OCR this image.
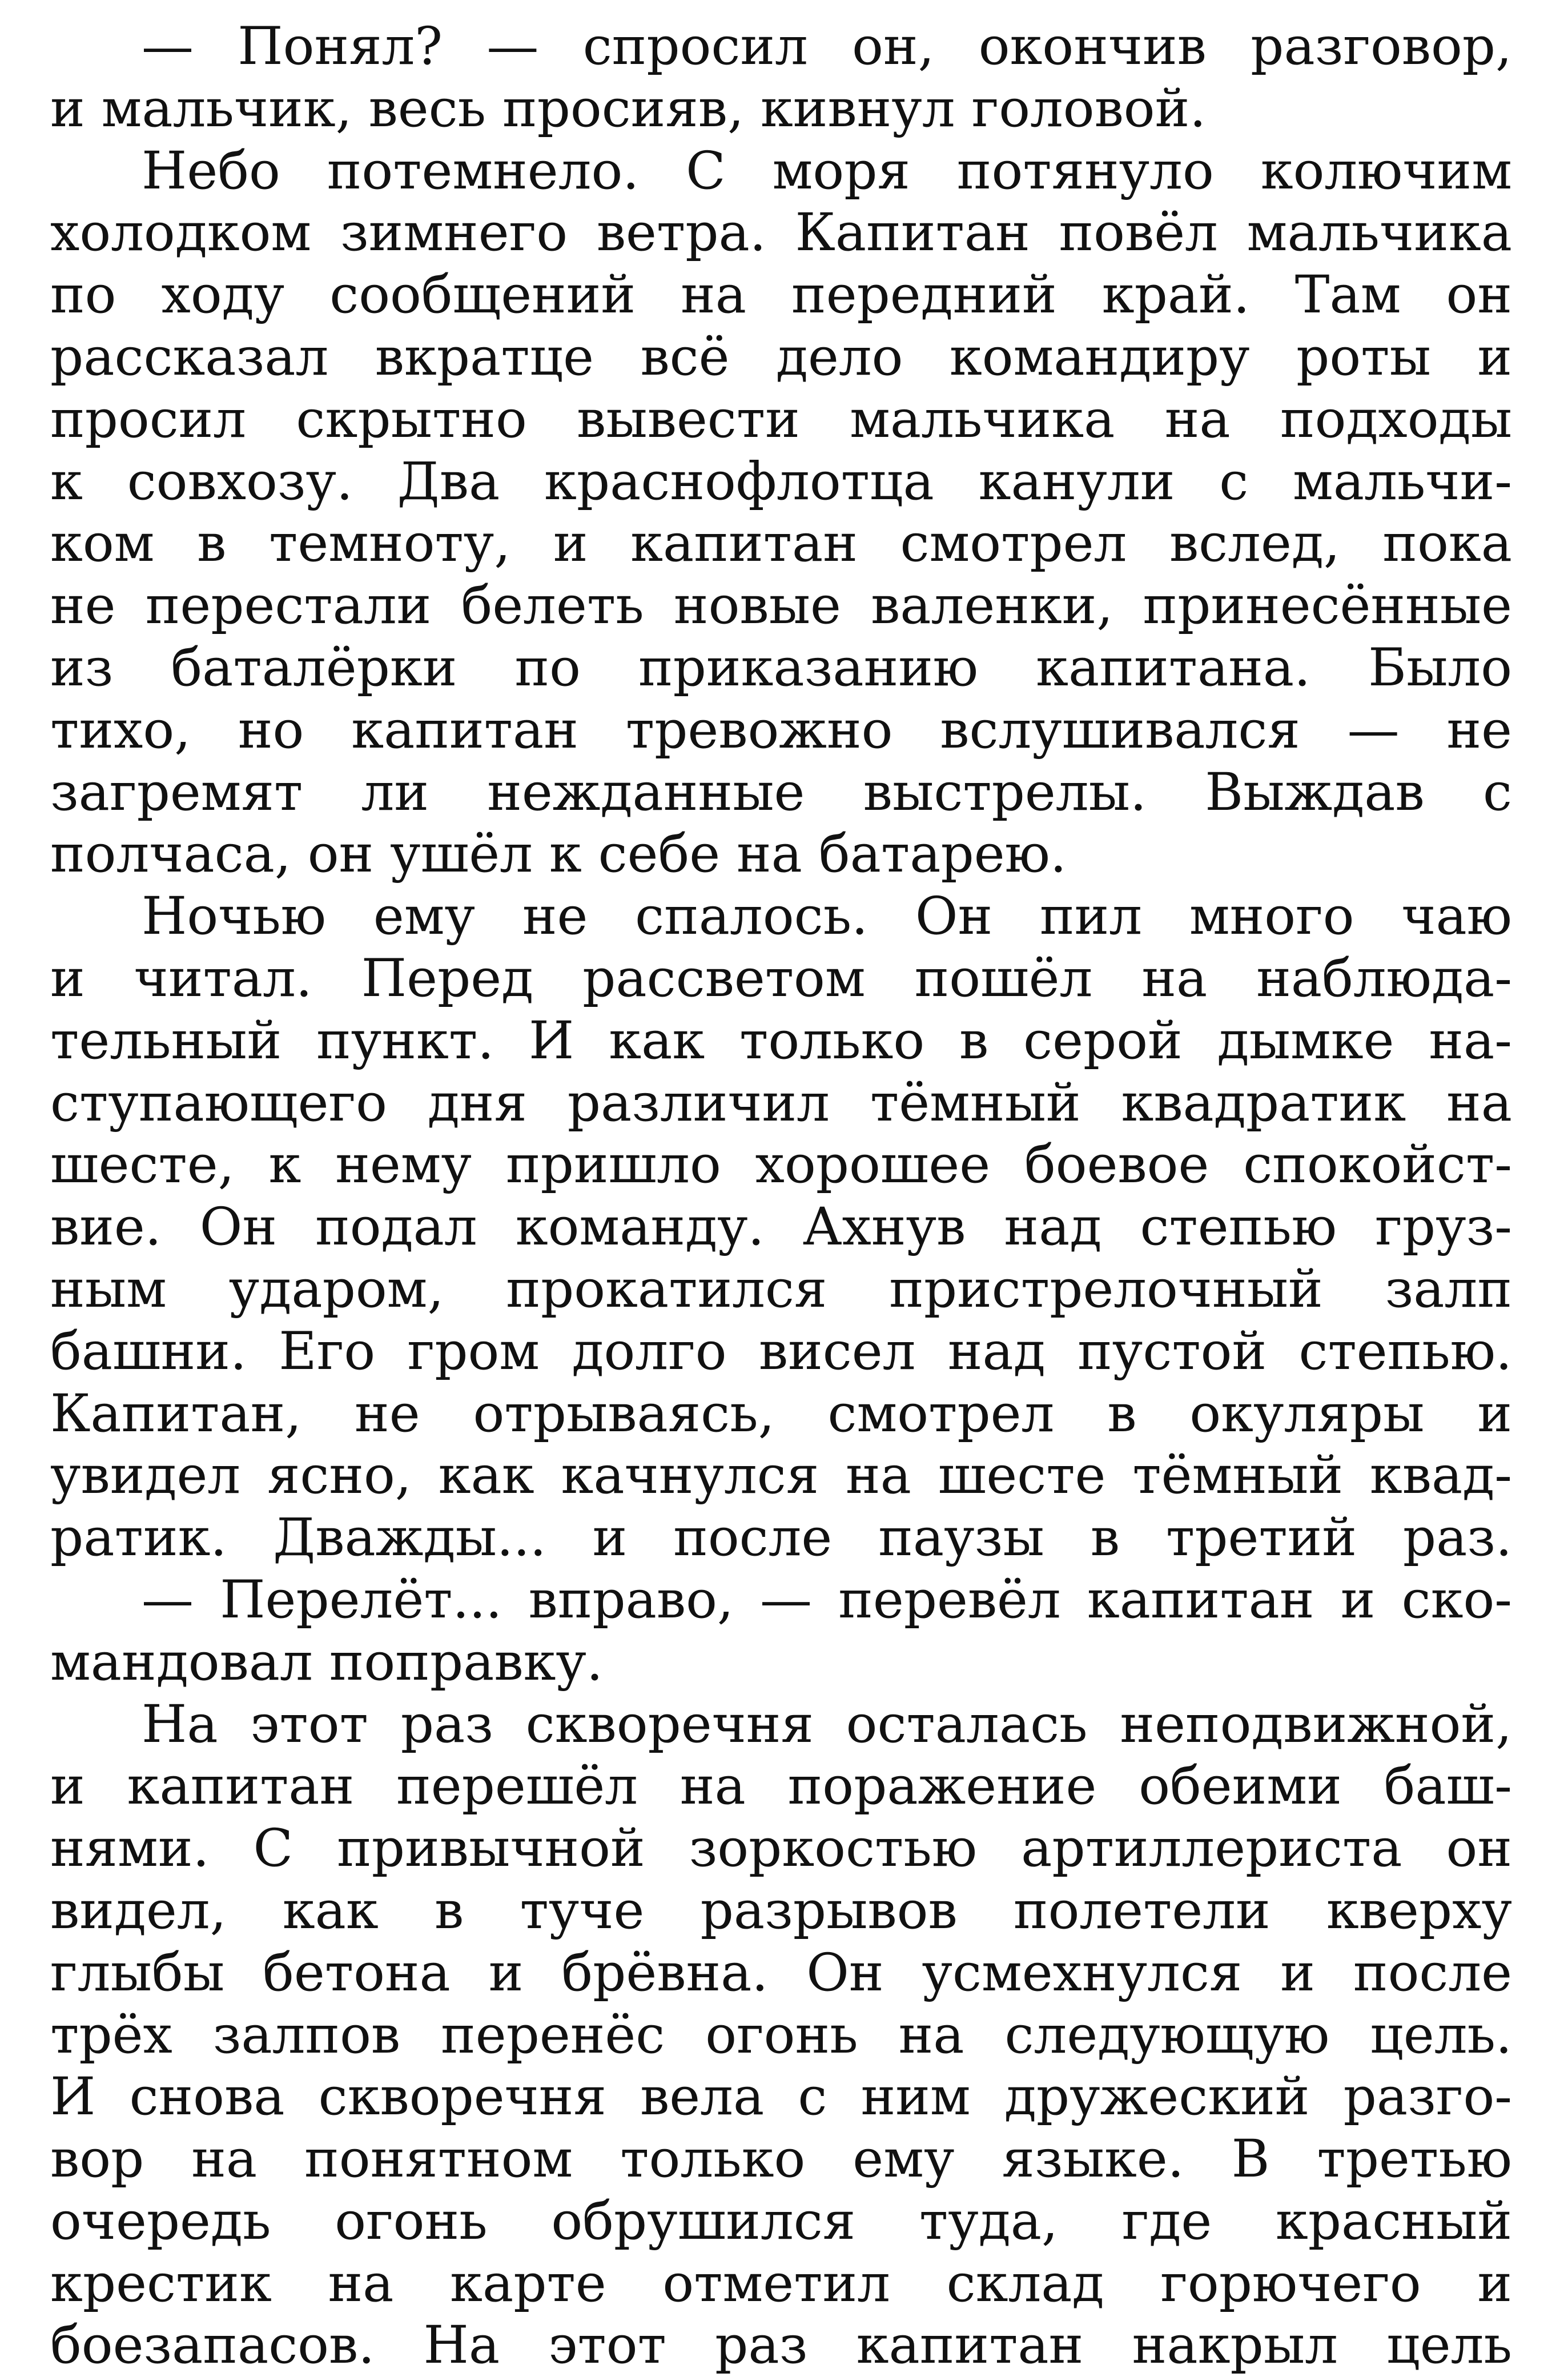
— Понял? — спросил он, окончив разговор,
и мальчик, весь просияв, кивнул головой.
Небо потемнело. С моря потянуло колючим
холодком зимнего ветра. Капитан повёл мальчика
по ходу сообщений на передний край. Там он
рассказал вкратце всё дело командиру роты и
просил скрытно вывести мальчика на подходы
к совхозу. Два краснофлотца канули с мальчи-
ком в темноту, и капитан смотрел вслед, пока
не перестали белеть новые валенки, принесённые
из баталёрки по приказанию капитана. Было
тихо, но капитан тревожно вслушивался — не
загремят ли нежданные выстрелы. Выждав с
полчаса, он ушёл к себе на батарею.
Ночью ему не спалось. Он пил много чаю
и читал. Перед рассветом пошёл на наблюда-
тельный пункт. И как только в серой дымке на-
ступающего дня различил тёмный квадратик на
шесте, к нему пришло хорошее боевое спокойст-
вие. Он подал команду. Ахнув над степью груз-
ным ударом, прокатился пристрелочный залп
башни. Его гром долго висел над пустой степью.
Капитан, не отрываясь, смотрел в окуляры и
увидел ясно, как качнулся на шесте тёмный квад-
ратик. Дважды... и после паузы в третий раз.
— Перелёт... вправо, — перевёл капитан и ско-
мандовал поправку.
На этот раз скворечня осталась неподвижной,
и капитан перешёл на поражение обеими баш-
нями. С привычной зоркостью артиллериста он
видел, как в туче разрывов полетели кверху
глыбы бетона и брёвна. Он усмехнулся и после
трёх залпов перенёс огонь на следующую цель.
И снова скворечня вела с ним дружеский разго-
вор на понятном только ему языке. В третью
очередь огонь обрушился туда, где красный
крестик на карте отметил склад горючего и
боезапасов. На этот раз капитан накрыл цель
